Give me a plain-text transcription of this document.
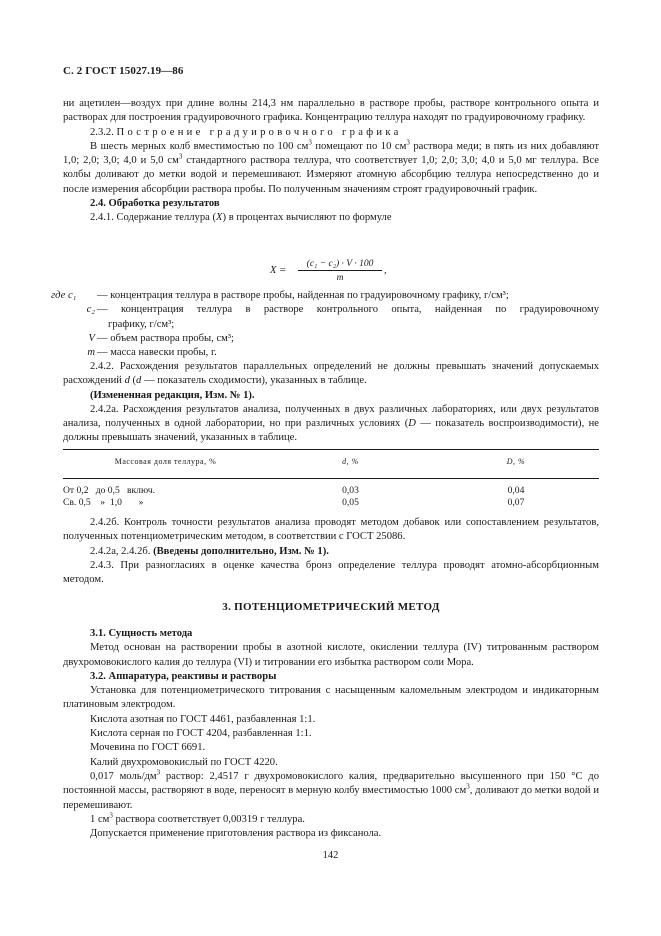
С. 2 ГОСТ 15027.19—86

ни ацетилен—воздух при длине волны 214,3 нм параллельно в растворе пробы, растворе контрольного опыта и растворах для построения градуировочного графика. Концентрацию теллура находят по градуировочному графику.

2.3.2. Построение градуировочного графика

В шесть мерных колб вместимостью по 100 $см^3$ помещают по 10 $см^3$ раствора меди; в пять из них добавляют 1,0; 2,0; 3,0; 4,0 и 5,0 $см^3$ стандартного раствора теллура, что соответствует 1,0; 2,0; 3,0; 4,0 и 5,0 мг теллура. Все колбы доливают до метки водой и перемешивают. Измеряют атомную абсорбцию теллура непосредственно до и после измерения абсорбции раствора пробы. По полученным значениям строят градуировочный график.

2.4. Обработка результатов

2.4.1. Содержание теллура (X) в процентах вычисляют по формуле

X =
(c₁ − c₂) · V · 100
m
,
где c₁	— концентрация теллура в растворе пробы, найденная по градуировочному графику, г/см³;
c₂ — концентрация теллура в растворе контрольного опыта, найденная по градуировочному
графику, г/см³;
V — объем раствора пробы, см³;
m — масса навески пробы, г.

2.4.2. Расхождения результатов параллельных определений не должны превышать значений допускаемых расхождений d (d — показатель сходимости), указанных в таблице.

(Измененная редакция, Изм. № 1).

2.4.2а. Расхождения результатов анализа, полученных в двух различных лабораториях, или двух результатов анализа, полученных в одной лаборатории, но при различных условиях (D — показатель воспроизводимости), не должны превышать значений, указанных в таблице.

Массовая доля теллура, %	d, %	D, %
От 0,2   до 0,5   включ.	0,03	0,04
Св. 0,5    »  1,0       »	0,05	0,07

2.4.2б. Контроль точности результатов анализа проводят методом добавок или сопоставлением результатов, полученных потенциометрическим методом, в соответствии с ГОСТ 25086.

2.4.2а, 2.4.2б. (Введены дополнительно, Изм. № 1).

2.4.3. При разногласиях в оценке качества бронз определение теллура проводят атомно-абсорбционным методом.

3. ПОТЕНЦИОМЕТРИЧЕСКИЙ МЕТОД

3.1. Сущность метода

Метод основан на растворении пробы в азотной кислоте, окислении теллура (IV) титрованным раствором двухромовокислого калия до теллура (VI) и титровании его избытка раствором соли Мора.

3.2. Аппаратура, реактивы и растворы

Установка для потенциометрического титрования с насыщенным каломельным электродом и индикаторным платиновым электродом.

Кислота азотная по ГОСТ 4461, разбавленная 1:1.

Кислота серная по ГОСТ 4204, разбавленная 1:1.

Мочевина по ГОСТ 6691.

Калий двухромовокислый по ГОСТ 4220.

0,017 моль/$дм^3$ раствор: 2,4517 г двухромовокислого калия, предварительно высушенного при 150 °С до постоянной массы, растворяют в воде, переносят в мерную колбу вместимостью 1000 $см^3$, доливают до метки водой и перемешивают.

1 $см^3$ раствора соответствует 0,00319 г теллура.

Допускается применение приготовления раствора из фиксанола.

142
